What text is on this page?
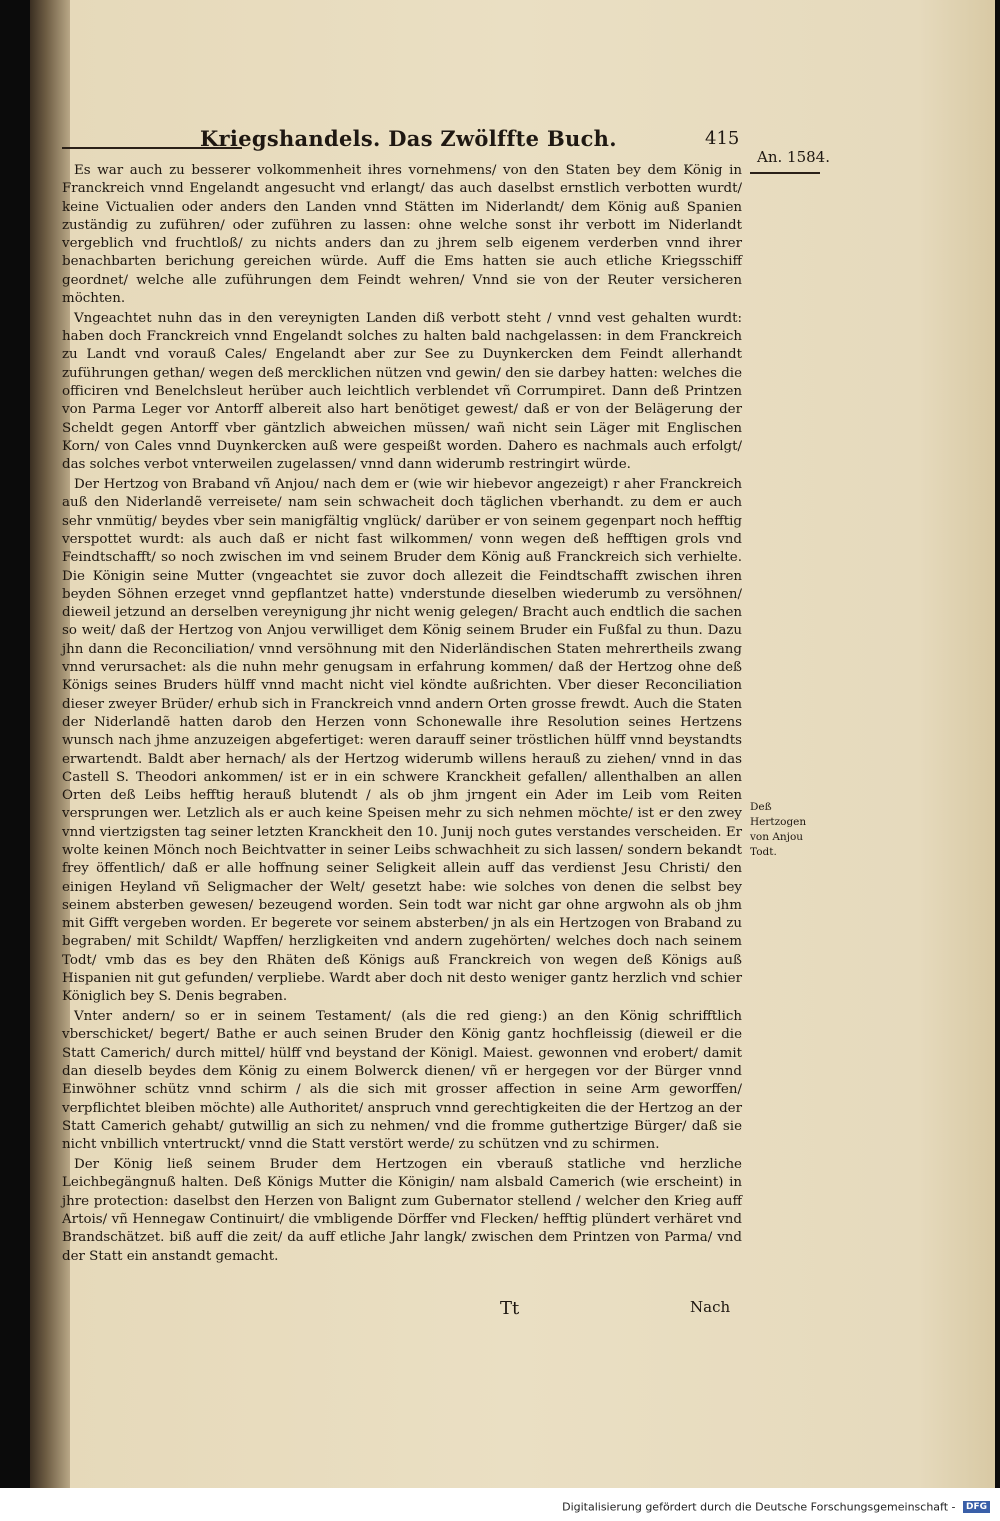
Kriegshandels. Das Zwölffte Buch.	415
An. 1584.

Es war auch zu besserer volkommenheit ihres vornehmens/ von den Staten bey dem König in Franckreich vnnd Engelandt angesucht vnd erlangt/ das auch daselbst ernstlich verbotten wurdt/ keine Victualien oder anders den Landen vnnd Stätten im Niderlandt/ dem König auß Spanien zuständig zu zuführen/ oder zuführen zu lassen: ohne welche sonst ihr verbott im Niderlandt vergeblich vnd fruchtloß/ zu nichts anders dan zu jhrem selb eigenem verderben vnnd ihrer benachbarten berichung gereichen würde. Auff die Ems hatten sie auch etliche Kriegsschiff geordnet/ welche alle zuführungen dem Feindt wehren/ Vnnd sie von der Reuter versicheren möchten.

Vngeachtet nuhn das in den vereynigten Landen diß verbott steht / vnnd vest gehalten wurdt: haben doch Franckreich vnnd Engelandt solches zu halten bald nachgelassen: in dem Franckreich zu Landt vnd vorauß Cales/ Engelandt aber zur See zu Duynkercken dem Feindt allerhandt zuführungen gethan/ wegen deß mercklichen nützen vnd gewin/ den sie darbey hatten: welches die officiren vnd Benelchsleut herüber auch leichtlich verblendet vñ Corrumpiret. Dann deß Printzen von Parma Leger vor Antorff albereit also hart benötiget gewest/ daß er von der Belägerung der Scheldt gegen Antorff vber gäntzlich abweichen müssen/ wañ nicht sein Läger mit Englischen Korn/ von Cales vnnd Duynkercken auß were gespeißt worden. Dahero es nachmals auch erfolgt/ das solches verbot vnterweilen zugelassen/ vnnd dann widerumb restringirt würde.

Der Hertzog von Braband vñ Anjou/ nach dem er (wie wir hiebevor angezeigt) r aher Franckreich auß den Niderlandẽ verreisete/ nam sein schwacheit doch täglichen vberhandt. zu dem er auch sehr vnmütig/ beydes vber sein manigfältig vnglück/ darüber er von seinem gegenpart noch hefftig verspottet wurdt: als auch daß er nicht fast wilkommen/ vonn wegen deß hefftigen grols vnd Feindtschafft/ so noch zwischen im vnd seinem Bruder dem König auß Franckreich sich verhielte. Die Königin seine Mutter (vngeachtet sie zuvor doch allezeit die Feindtschafft zwischen ihren beyden Söhnen erzeget vnnd gepflantzet hatte) vnderstunde dieselben wiederumb zu versöhnen/ dieweil jetzund an derselben vereynigung jhr nicht wenig gelegen/ Bracht auch endtlich die sachen so weit/ daß der Hertzog von Anjou verwilliget dem König seinem Bruder ein Fußfal zu thun. Dazu jhn dann die Reconciliation/ vnnd versöhnung mit den Niderländischen Staten mehrertheils zwang vnnd verursachet: als die nuhn mehr genugsam in erfahrung kommen/ daß der Hertzog ohne deß Königs seines Bruders hülff vnnd macht nicht viel köndte außrichten. Vber dieser Reconciliation dieser zweyer Brüder/ erhub sich in Franckreich vnnd andern Orten grosse frewdt. Auch die Staten der Niderlandẽ hatten darob den Herzen vonn Schonewalle ihre Resolution seines Hertzens wunsch nach jhme anzuzeigen abgefertiget: weren darauff seiner tröstlichen hülff vnnd beystandts erwartendt. Baldt aber hernach/ als der Hertzog widerumb willens herauß zu ziehen/ vnnd in das Castell S. Theodori ankommen/ ist er in ein schwere Kranckheit gefallen/ allenthalben an allen Orten deß Leibs hefftig herauß blutendt / als ob jhm jrngent ein Ader im Leib vom Reiten versprungen wer. Letzlich als er auch keine Speisen mehr zu sich nehmen möchte/ ist er den zwey vnnd viertzigsten tag seiner letzten Kranckheit den 10. Junij noch gutes verstandes verscheiden. Er wolte keinen Mönch noch Beichtvatter in seiner Leibs schwachheit zu sich lassen/ sondern bekandt frey öffentlich/ daß er alle hoffnung seiner Seligkeit allein auff das verdienst Jesu Christi/ den einigen Heyland vñ Seligmacher der Welt/ gesetzt habe: wie solches von denen die selbst bey seinem absterben gewesen/ bezeugend worden. Sein todt war nicht gar ohne argwohn als ob jhm mit Gifft vergeben worden. Er begerete vor seinem absterben/ jn als ein Hertzogen von Braband zu begraben/ mit Schildt/ Wapffen/ herzligkeiten vnd andern zugehörten/ welches doch nach seinem Todt/ vmb das es bey den Rhäten deß Königs auß Franckreich von wegen deß Königs auß Hispanien nit gut gefunden/ verpliebe. Wardt aber doch nit desto weniger gantz herzlich vnd schier Königlich bey S. Denis begraben.

Vnter andern/ so er in seinem Testament/ (als die red gieng:) an den König schrifftlich vberschicket/ begert/ Bathe er auch seinen Bruder den König gantz hochfleissig (dieweil er die Statt Camerich/ durch mittel/ hülff vnd beystand der Königl. Maiest. gewonnen vnd erobert/ damit dan dieselb beydes dem König zu einem Bolwerck dienen/ vñ er hergegen vor der Bürger vnnd Einwöhner schütz vnnd schirm / als die sich mit grosser affection in seine Arm geworffen/ verpflichtet bleiben möchte) alle Authoritet/ anspruch vnnd gerechtigkeiten die der Hertzog an der Statt Camerich gehabt/ gutwillig an sich zu nehmen/ vnd die fromme guthertzige Bürger/ daß sie nicht vnbillich vntertruckt/ vnnd die Statt verstört werde/ zu schützen vnd zu schirmen.

Der König ließ seinem Bruder dem Hertzogen ein vberauß statliche vnd herzliche Leichbegängnuß halten. Deß Königs Mutter die Königin/ nam alsbald Camerich (wie erscheint) in jhre protection: daselbst den Herzen von Balignt zum Gubernator stellend / welcher den Krieg auff Artois/ vñ Hennegaw Continuirt/ die vmbligende Dörffer vnd Flecken/ hefftig plündert verhäret vnd Brandschätzet. biß auff die zeit/ da auff etliche Jahr langk/ zwischen dem Printzen von Parma/ vnd der Statt ein anstandt gemacht.

Deß Hertzogen von Anjou Todt.
Tt	Nach
Digitalisierung gefördert durch die Deutsche Forschungsgemeinschaft - DFG
